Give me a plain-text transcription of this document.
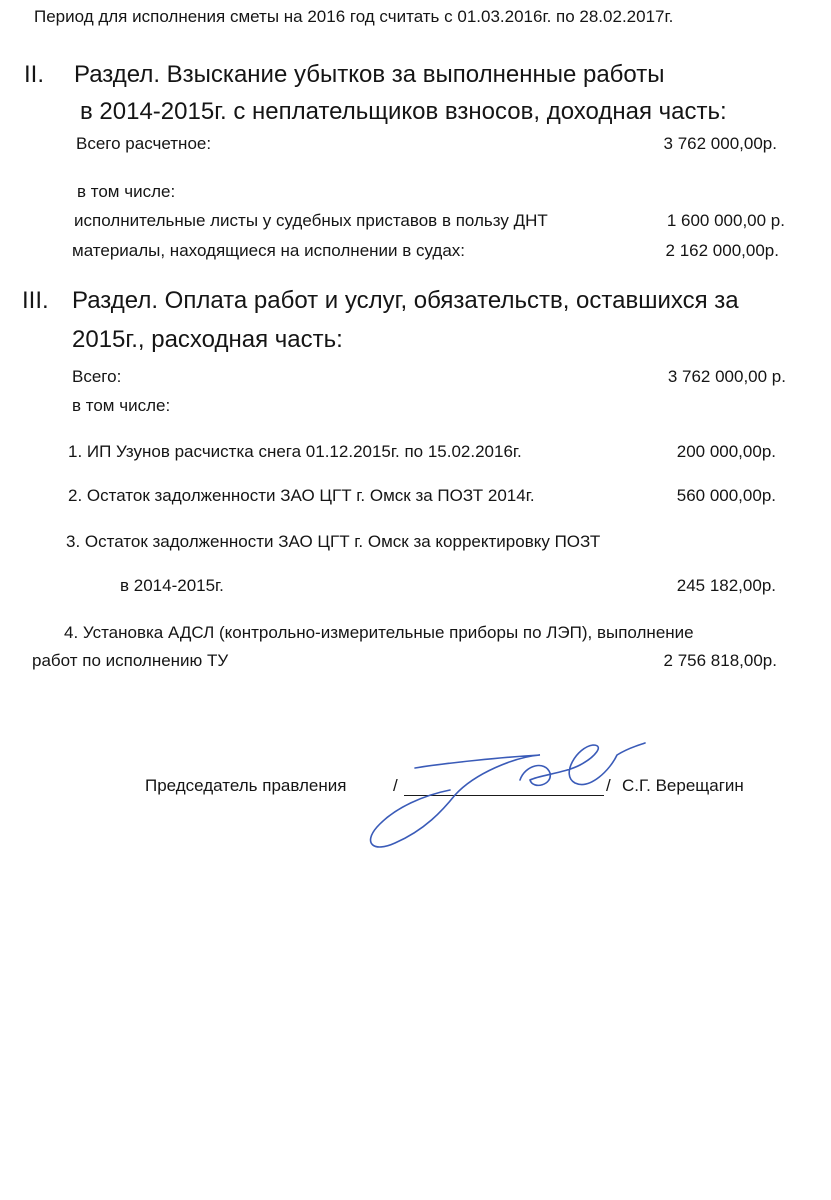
Период для исполнения сметы на 2016 год считать с 01.03.2016г. по 28.02.2017г.
II. Раздел. Взыскание убытков за выполненные работы
в 2014-2015г. с неплательщиков взносов, доходная часть:
Всего расчетное:	3 762 000,00р.
в том числе:
исполнительные листы у судебных приставов в пользу ДНТ	1 600 000,00 р.
материалы, находящиеся на исполнении в судах:	2 162 000,00р.
III. Раздел. Оплата работ и услуг, обязательств, оставшихся за
2015г., расходная часть:
Всего:	3 762 000,00 р.
в том числе:
1. ИП Узунов расчистка снега 01.12.2015г. по 15.02.2016г.	200 000,00р.
2. Остаток задолженности ЗАО ЦГТ г. Омск за ПОЗТ 2014г.	560 000,00р.
3. Остаток задолженности ЗАО ЦГТ г. Омск за корректировку ПОЗТ
в 2014-2015г.	245 182,00р.
4. Установка АДСЛ (контрольно-измерительные приборы по ЛЭП), выполнение
работ по исполнению ТУ	2 756 818,00р.
Председатель правления	/	/ С.Г. Верещагин
